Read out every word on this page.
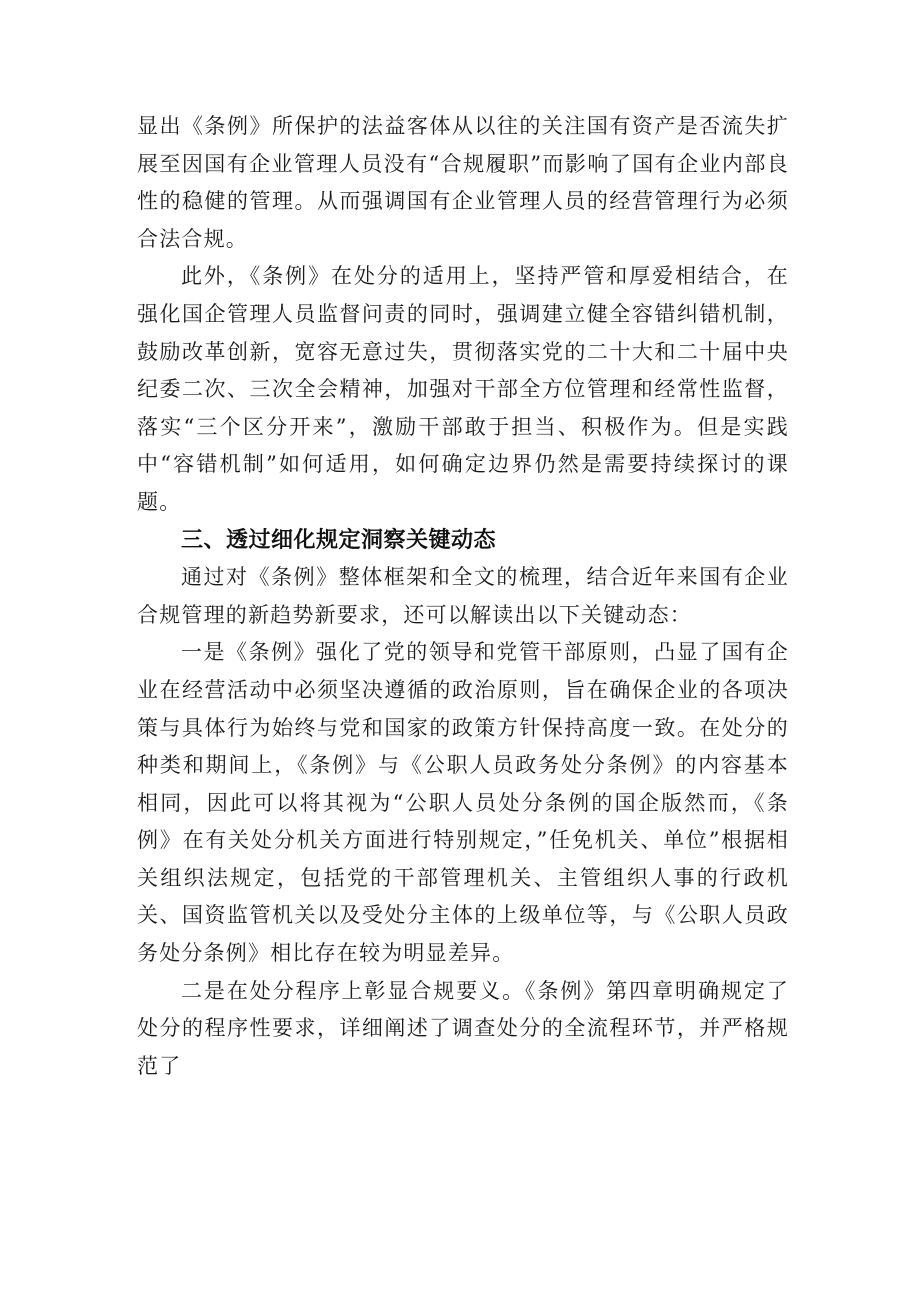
显出《条例》所保护的法益客体从以往的关注国有资产是否流失扩展至因国有企业管理人员没有“合规履职”而影响了国有企业内部良性的稳健的管理。从而强调国有企业管理人员的经营管理行为必须合法合规。

此外，《条例》在处分的适用上，坚持严管和厚爱相结合，在强化国企管理人员监督问责的同时，强调建立健全容错纠错机制，鼓励改革创新，宽容无意过失，贯彻落实党的二十大和二十届中央纪委二次、三次全会精神，加强对干部全方位管理和经常性监督，落实“三个区分开来”，激励干部敢于担当、积极作为。但是实践中“容错机制”如何适用，如何确定边界仍然是需要持续探讨的课题。

三、透过细化规定洞察关键动态

通过对《条例》整体框架和全文的梳理，结合近年来国有企业合规管理的新趋势新要求，还可以解读出以下关键动态：

一是《条例》强化了党的领导和党管干部原则，凸显了国有企业在经营活动中必须坚决遵循的政治原则，旨在确保企业的各项决策与具体行为始终与党和国家的政策方针保持高度一致。在处分的种类和期间上，《条例》与《公职人员政务处分条例》的内容基本相同，因此可以将其视为“公职人员处分条例的国企版然而，《条例》在有关处分机关方面进行特别规定，”任免机关、单位”根据相关组织法规定，包括党的干部管理机关、主管组织人事的行政机关、国资监管机关以及受处分主体的上级单位等，与《公职人员政务处分条例》相比存在较为明显差异。

二是在处分程序上彰显合规要义。《条例》第四章明确规定了处分的程序性要求，详细阐述了调查处分的全流程环节，并严格规范了
